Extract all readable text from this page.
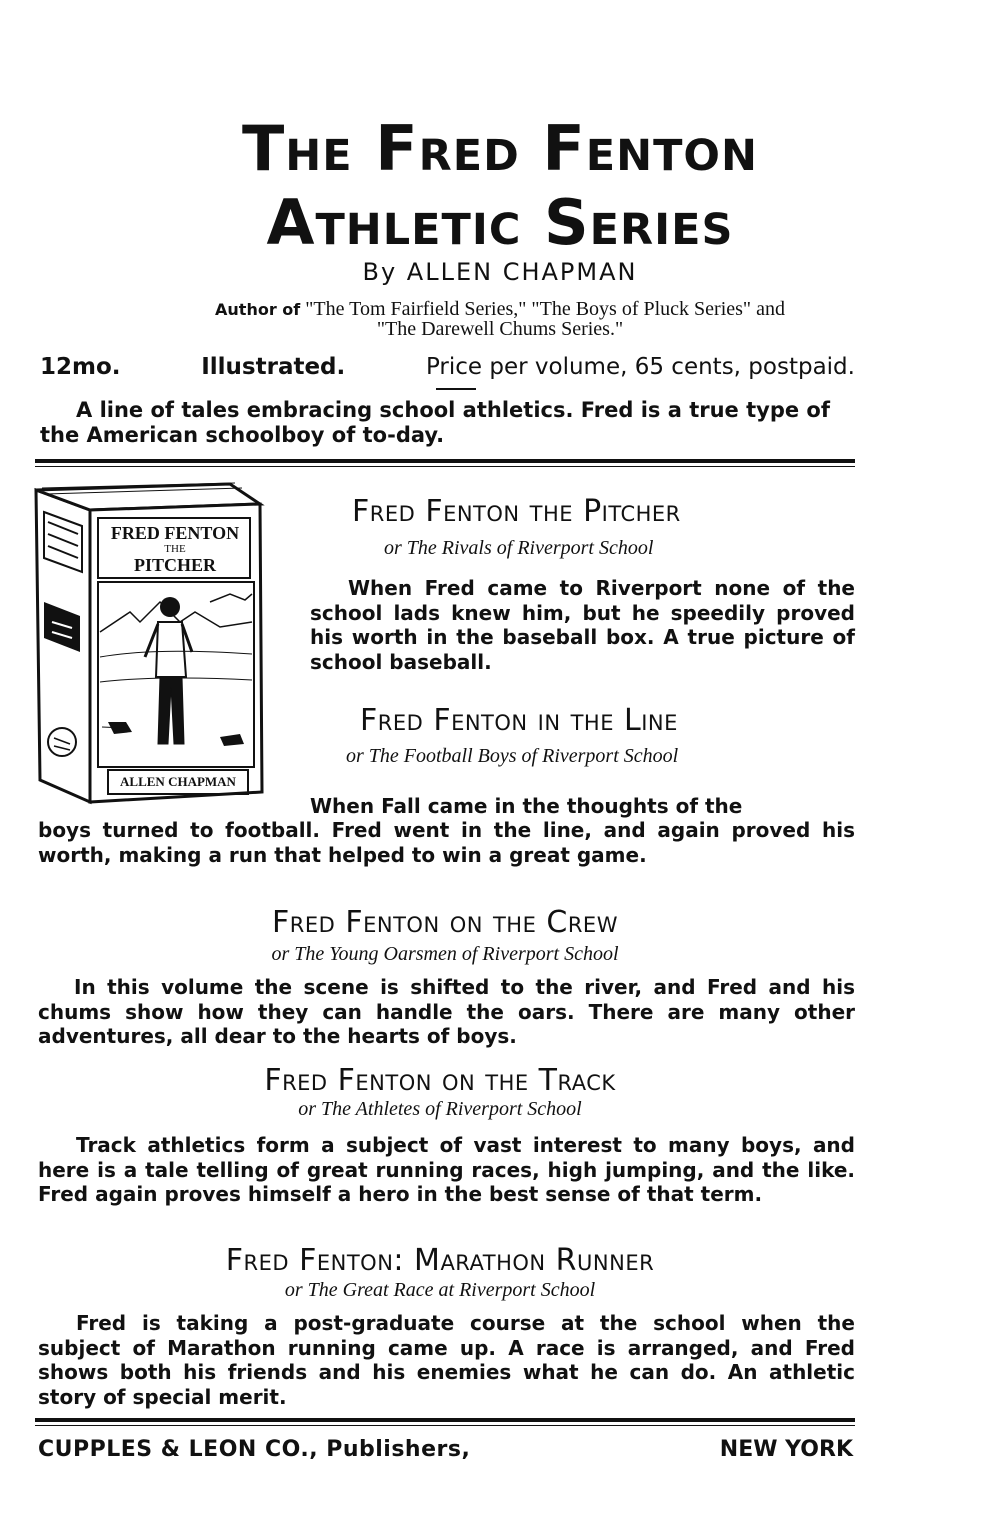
The Fred Fenton
Athletic Series
By ALLEN CHAPMAN
Author of "The Tom Fairfield Series," "The Boys of Pluck Series" and
"The Darewell Chums Series."
12mo.	Illustrated.	Price per volume, 65 cents, postpaid.
A line of tales embracing school athletics. Fred is a true type of the American schoolboy of to-day.
FRED FENTON
THE
PITCHER
ALLEN CHAPMAN
Fred Fenton the Pitcher
or The Rivals of Riverport School
When Fred came to Riverport none of the school lads knew him, but he speedily proved his worth in the baseball box. A true picture of school baseball.
Fred Fenton in the Line
or The Football Boys of Riverport School
When Fall came in the thoughts of the
boys turned to football. Fred went in the line, and again proved his worth, making a run that helped to win a great game.
Fred Fenton on the Crew
or The Young Oarsmen of Riverport School
In this volume the scene is shifted to the river, and Fred and his chums show how they can handle the oars. There are many other adventures, all dear to the hearts of boys.
Fred Fenton on the Track
or The Athletes of Riverport School
Track athletics form a subject of vast interest to many boys, and here is a tale telling of great running races, high jumping, and the like. Fred again proves himself a hero in the best sense of that term.
Fred Fenton: Marathon Runner
or The Great Race at Riverport School
Fred is taking a post-graduate course at the school when the subject of Marathon running came up. A race is arranged, and Fred shows both his friends and his enemies what he can do. An athletic story of special merit.
CUPPLES & LEON CO., Publishers,	NEW YORK
